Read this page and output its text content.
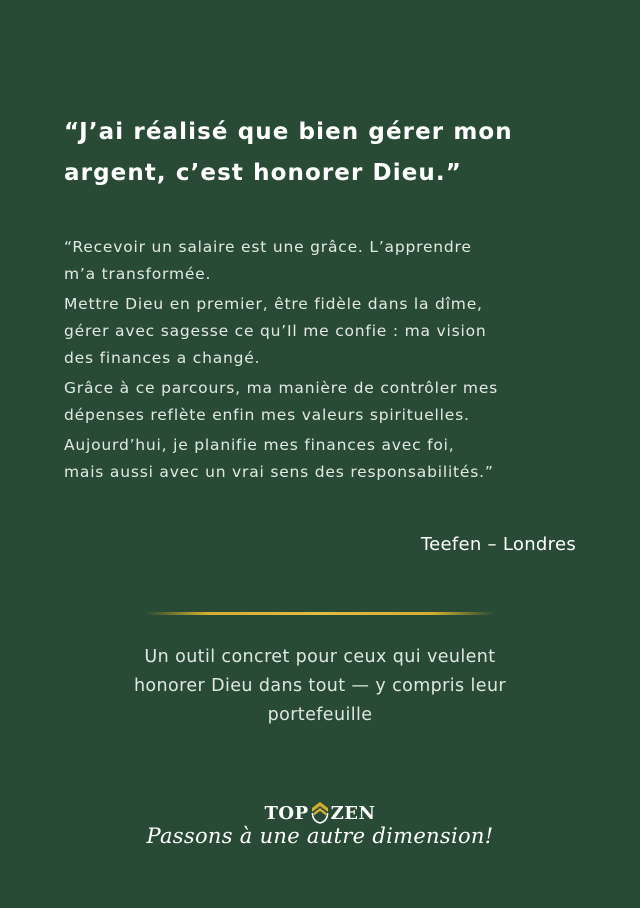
“J’ai réalisé que bien gérer mon
argent, c’est honorer Dieu.”

“Recevoir un salaire est une grâce. L’apprendre
m’a transformée.

Mettre Dieu en premier, être fidèle dans la dîme,
gérer avec sagesse ce qu’Il me confie : ma vision
des finances a changé.

Grâce à ce parcours, ma manière de contrôler mes
dépenses reflète enfin mes valeurs spirituelles.

Aujourd’hui, je planifie mes finances avec foi,
mais aussi avec un vrai sens des responsabilités.”

Teefen – Londres
Un outil concret pour ceux qui veulent
honorer Dieu dans tout — y compris leur
portefeuille
TOP ZEN
Passons à une autre dimension!
